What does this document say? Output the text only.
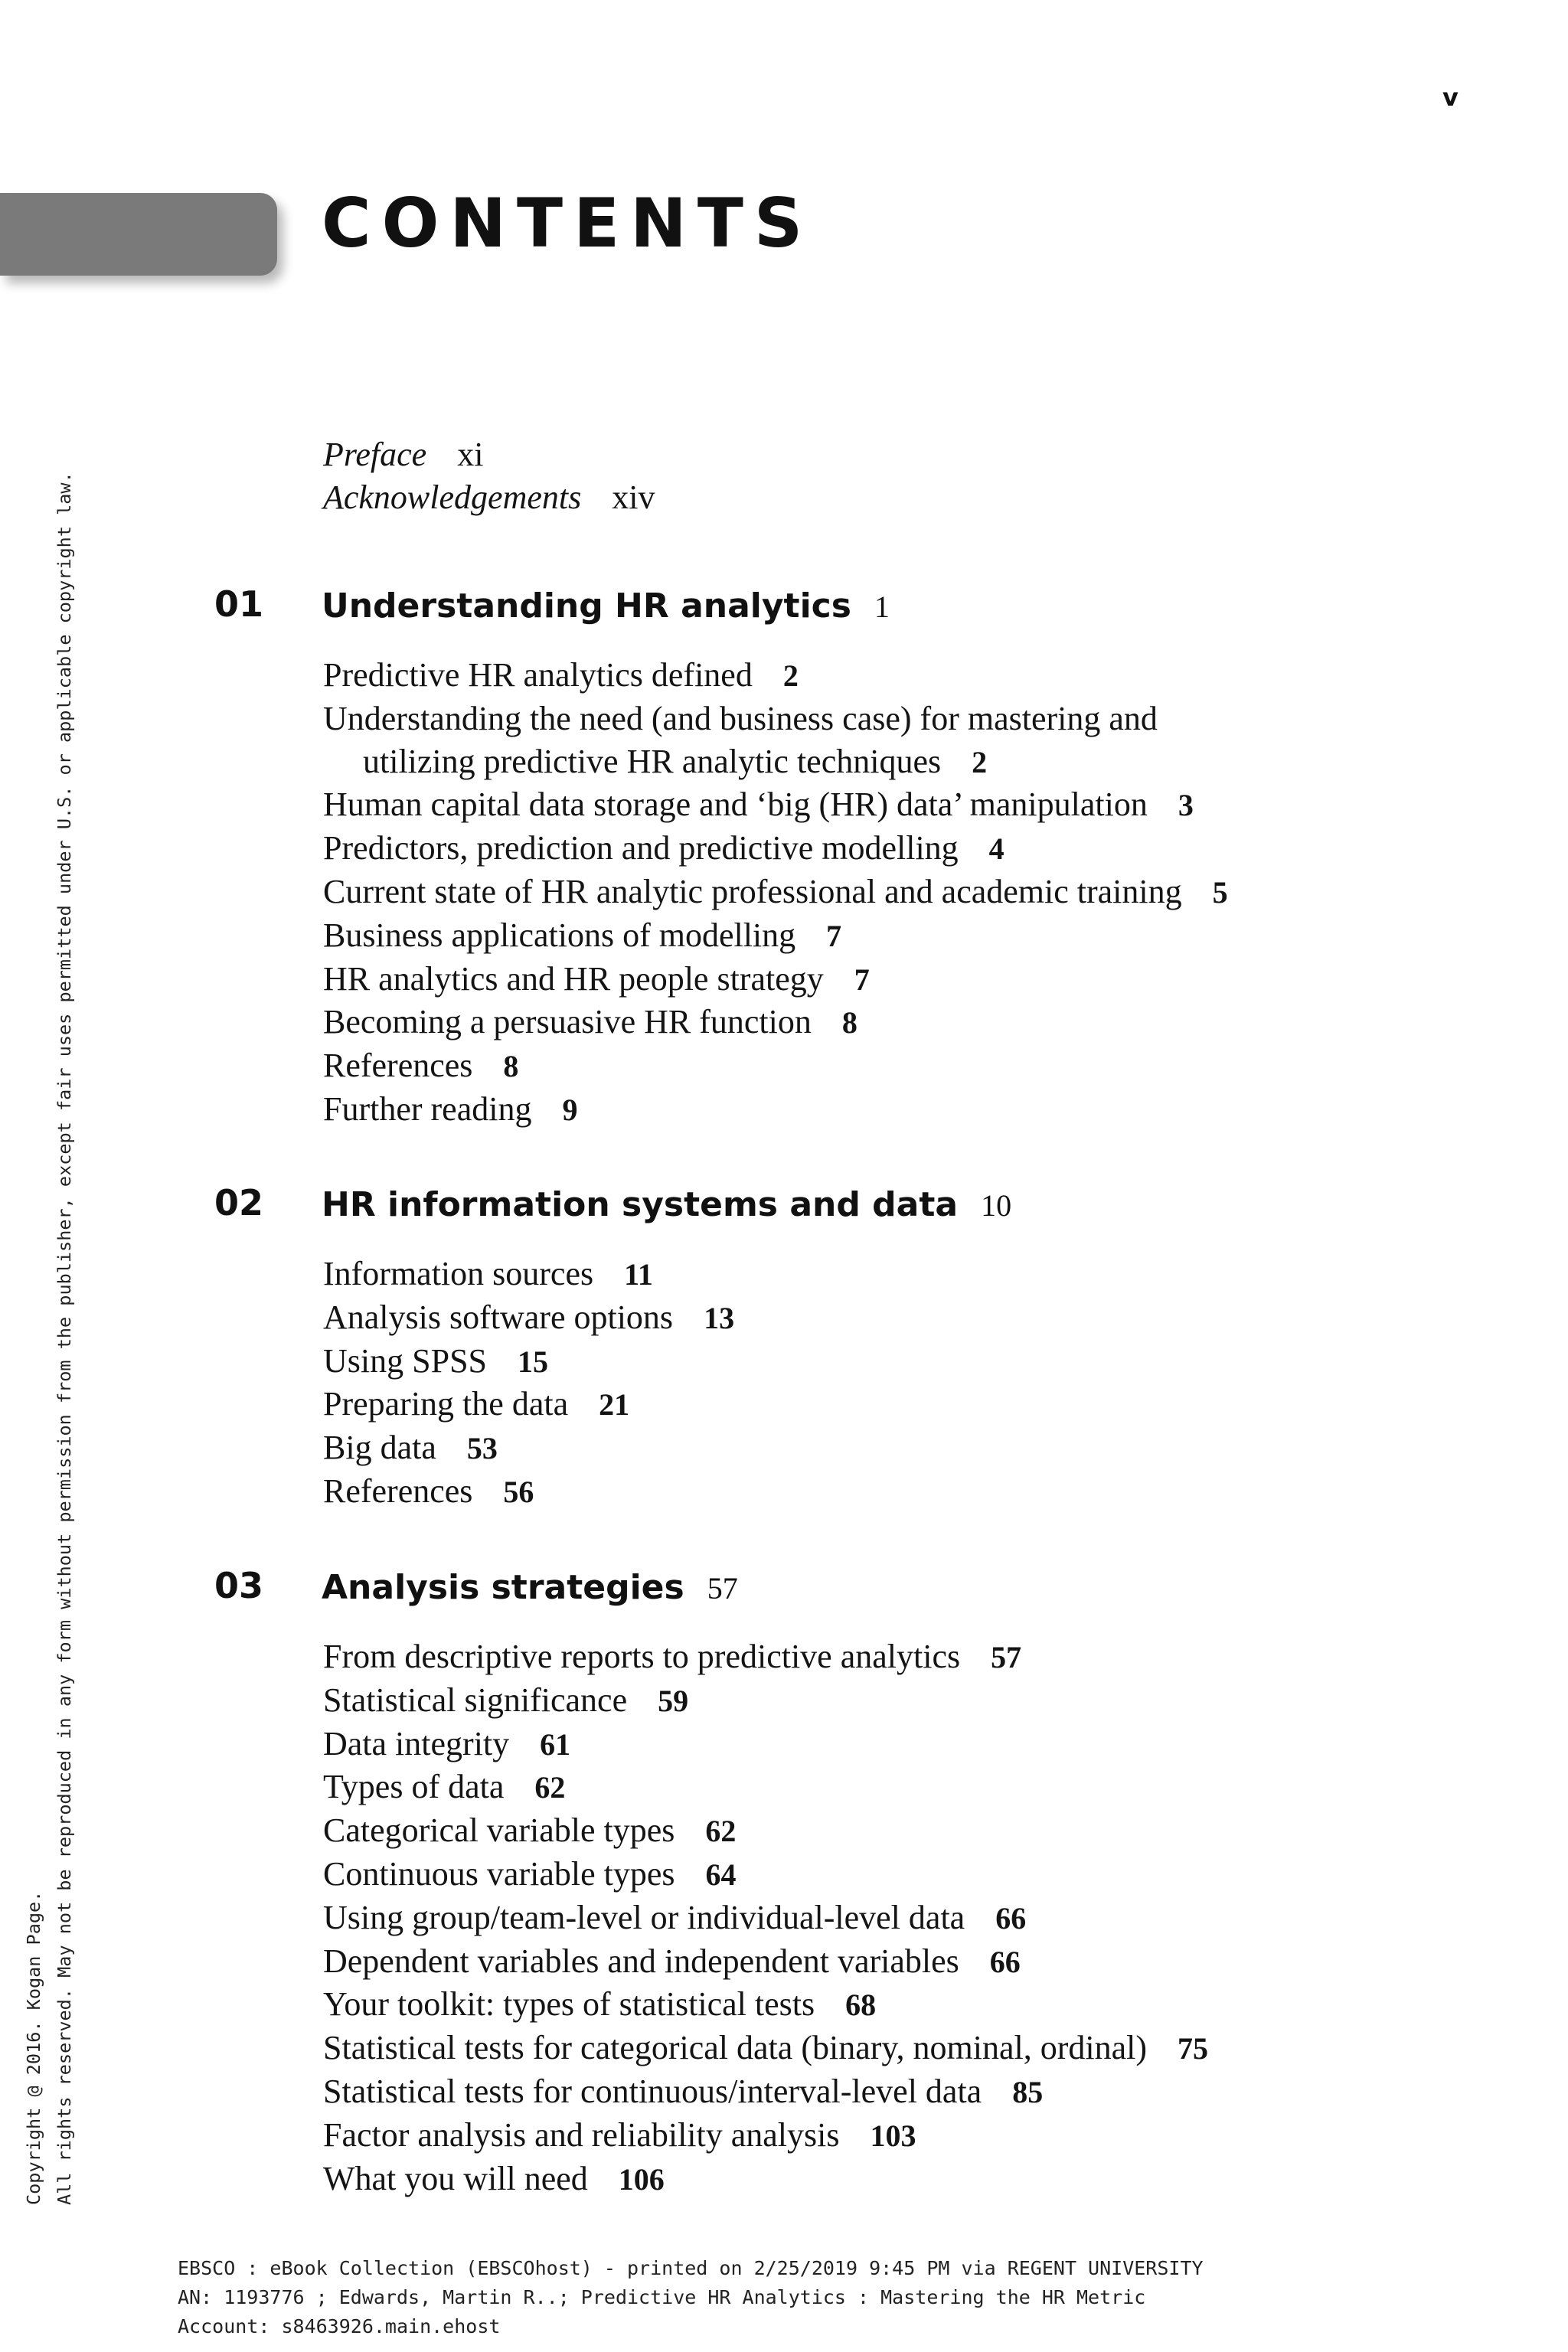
v
CONTENTS
Copyright @ 2016. Kogan Page. All rights reserved. May not be reproduced in any form without permission from the publisher, except fair uses permitted under U.S. or applicable copyright law.
Preface xi
Acknowledgements xiv
01 Understanding HR analytics 1
Predictive HR analytics defined 2
Understanding the need (and business case) for mastering and
utilizing predictive HR analytic techniques 2
Human capital data storage and ‘big (HR) data’ manipulation 3
Predictors, prediction and predictive modelling 4
Current state of HR analytic professional and academic training 5
Business applications of modelling 7
HR analytics and HR people strategy 7
Becoming a persuasive HR function 8
References 8
Further reading 9
02 HR information systems and data 10
Information sources 11
Analysis software options 13
Using SPSS 15
Preparing the data 21
Big data 53
References 56
03 Analysis strategies 57
From descriptive reports to predictive analytics 57
Statistical significance 59
Data integrity 61
Types of data 62
Categorical variable types 62
Continuous variable types 64
Using group/team-level or individual-level data 66
Dependent variables and independent variables 66
Your toolkit: types of statistical tests 68
Statistical tests for categorical data (binary, nominal, ordinal) 75
Statistical tests for continuous/interval-level data 85
Factor analysis and reliability analysis 103
What you will need 106
EBSCO : eBook Collection (EBSCOhost) - printed on 2/25/2019 9:45 PM via REGENT UNIVERSITY
AN: 1193776 ; Edwards, Martin R..; Predictive HR Analytics : Mastering the HR Metric
Account: s8463926.main.ehost
